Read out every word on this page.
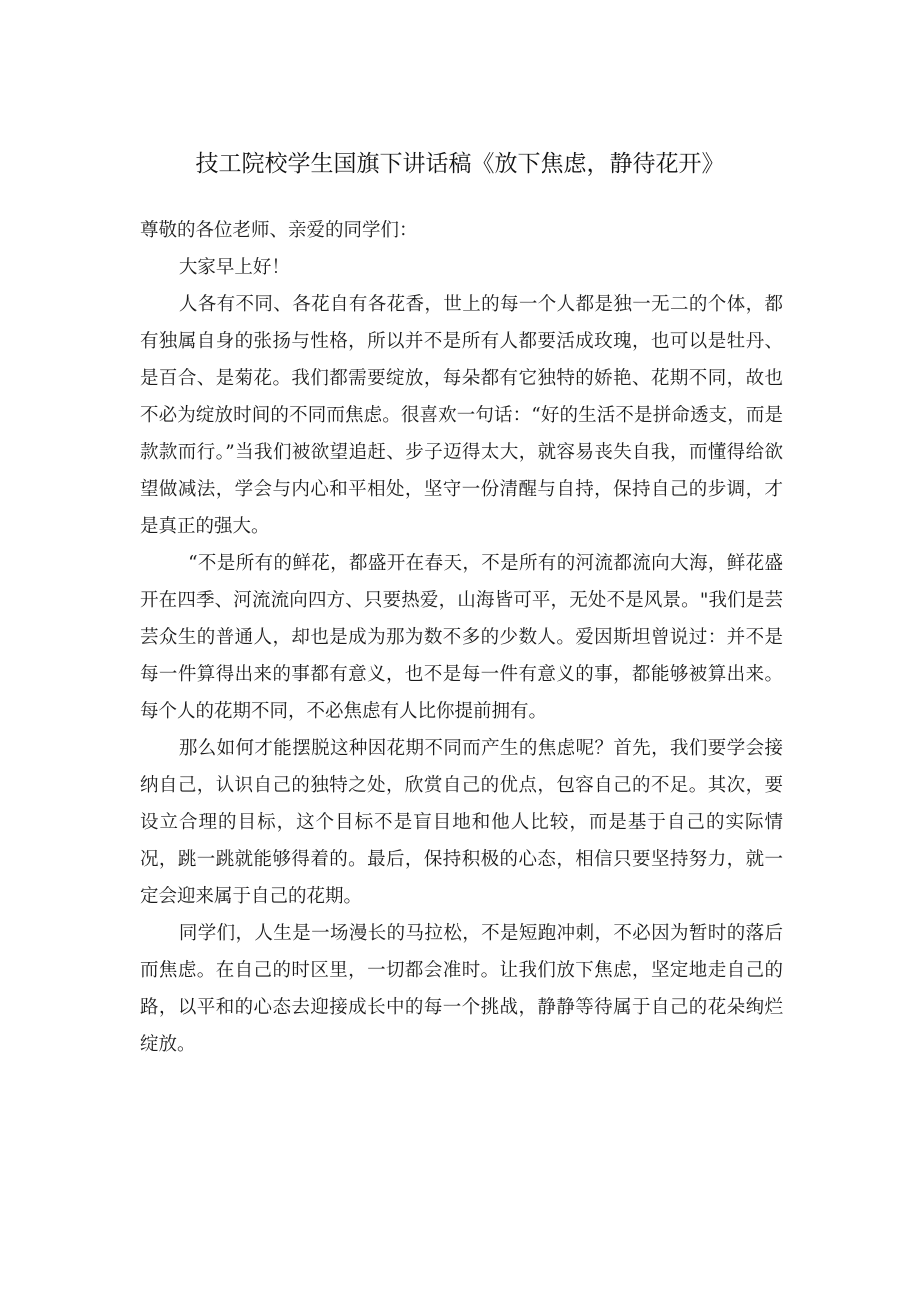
技工院校学生国旗下讲话稿《放下焦虑，静待花开》

尊敬的各位老师、亲爱的同学们：

大家早上好！

人各有不同、各花自有各花香，世上的每一个人都是独一无二的个体，都有独属自身的张扬与性格，所以并不是所有人都要活成玫瑰，也可以是牡丹、是百合、是菊花。我们都需要绽放，每朵都有它独特的娇艳、花期不同，故也不必为绽放时间的不同而焦虑。很喜欢一句话：“好的生活不是拼命透支，而是款款而行。”当我们被欲望追赶、步子迈得太大，就容易丧失自我，而懂得给欲望做减法，学会与内心和平相处，坚守一份清醒与自持，保持自己的步调，才是真正的强大。

“不是所有的鲜花，都盛开在春天，不是所有的河流都流向大海，鲜花盛开在四季、河流流向四方、只要热爱，山海皆可平，无处不是风景。"我们是芸芸众生的普通人，却也是成为那为数不多的少数人。爱因斯坦曾说过：并不是每一件算得出来的事都有意义，也不是每一件有意义的事，都能够被算出来。每个人的花期不同，不必焦虑有人比你提前拥有。

那么如何才能摆脱这种因花期不同而产生的焦虑呢？首先，我们要学会接纳自己，认识自己的独特之处，欣赏自己的优点，包容自己的不足。其次，要设立合理的目标，这个目标不是盲目地和他人比较，而是基于自己的实际情况，跳一跳就能够得着的。最后，保持积极的心态，相信只要坚持努力，就一定会迎来属于自己的花期。

同学们，人生是一场漫长的马拉松，不是短跑冲刺，不必因为暂时的落后而焦虑。在自己的时区里，一切都会准时。让我们放下焦虑，坚定地走自己的路，以平和的心态去迎接成长中的每一个挑战，静静等待属于自己的花朵绚烂绽放。
